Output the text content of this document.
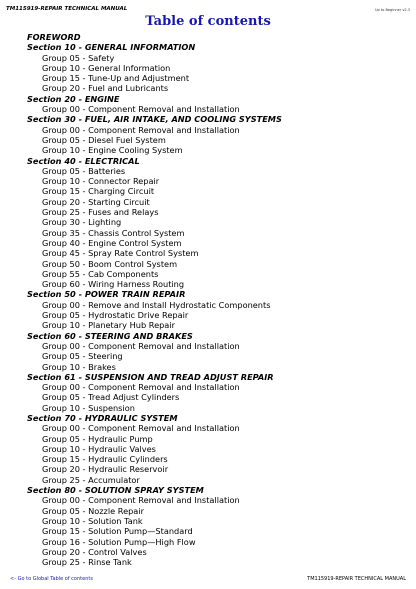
TM115919-REPAIR TECHNICAL MANUAL	Up to Beginner v2.3
Table of contents
FOREWORD
Section 10 - GENERAL INFORMATION
Group 05 - Safety
Group 10 - General Information
Group 15 - Tune-Up and Adjustment
Group 20 - Fuel and Lubricants
Section 20 - ENGINE
Group 00 - Component Removal and Installation
Section 30 - FUEL, AIR INTAKE, AND COOLING SYSTEMS
Group 00 - Component Removal and Installation
Group 05 - Diesel Fuel System
Group 10 - Engine Cooling System
Section 40 - ELECTRICAL
Group 05 - Batteries
Group 10 - Connector Repair
Group 15 - Charging Circuit
Group 20 - Starting Circuit
Group 25 - Fuses and Relays
Group 30 - Lighting
Group 35 - Chassis Control System
Group 40 - Engine Control System
Group 45 - Spray Rate Control System
Group 50 - Boom Control System
Group 55 - Cab Components
Group 60 - Wiring Harness Routing
Section 50 - POWER TRAIN REPAIR
Group 00 - Remove and Install Hydrostatic Components
Group 05 - Hydrostatic Drive Repair
Group 10 - Planetary Hub Repair
Section 60 - STEERING AND BRAKES
Group 00 - Component Removal and Installation
Group 05 - Steering
Group 10 - Brakes
Section 61 - SUSPENSION AND TREAD ADJUST REPAIR
Group 00 - Component Removal and Installation
Group 05 - Tread Adjust Cylinders
Group 10 - Suspension
Section 70 - HYDRAULIC SYSTEM
Group 00 - Component Removal and Installation
Group 05 - Hydraulic Pump
Group 10 - Hydraulic Valves
Group 15 - Hydraulic Cylinders
Group 20 - Hydraulic Reservoir
Group 25 - Accumulator
Section 80 - SOLUTION SPRAY SYSTEM
Group 00 - Component Removal and Installation
Group 05 - Nozzle Repair
Group 10 - Solution Tank
Group 15 - Solution Pump—Standard
Group 16 - Solution Pump—High Flow
Group 20 - Control Valves
Group 25 - Rinse Tank
<- Go to Global Table of contents	TM115919-REPAIR TECHNICAL MANUAL
